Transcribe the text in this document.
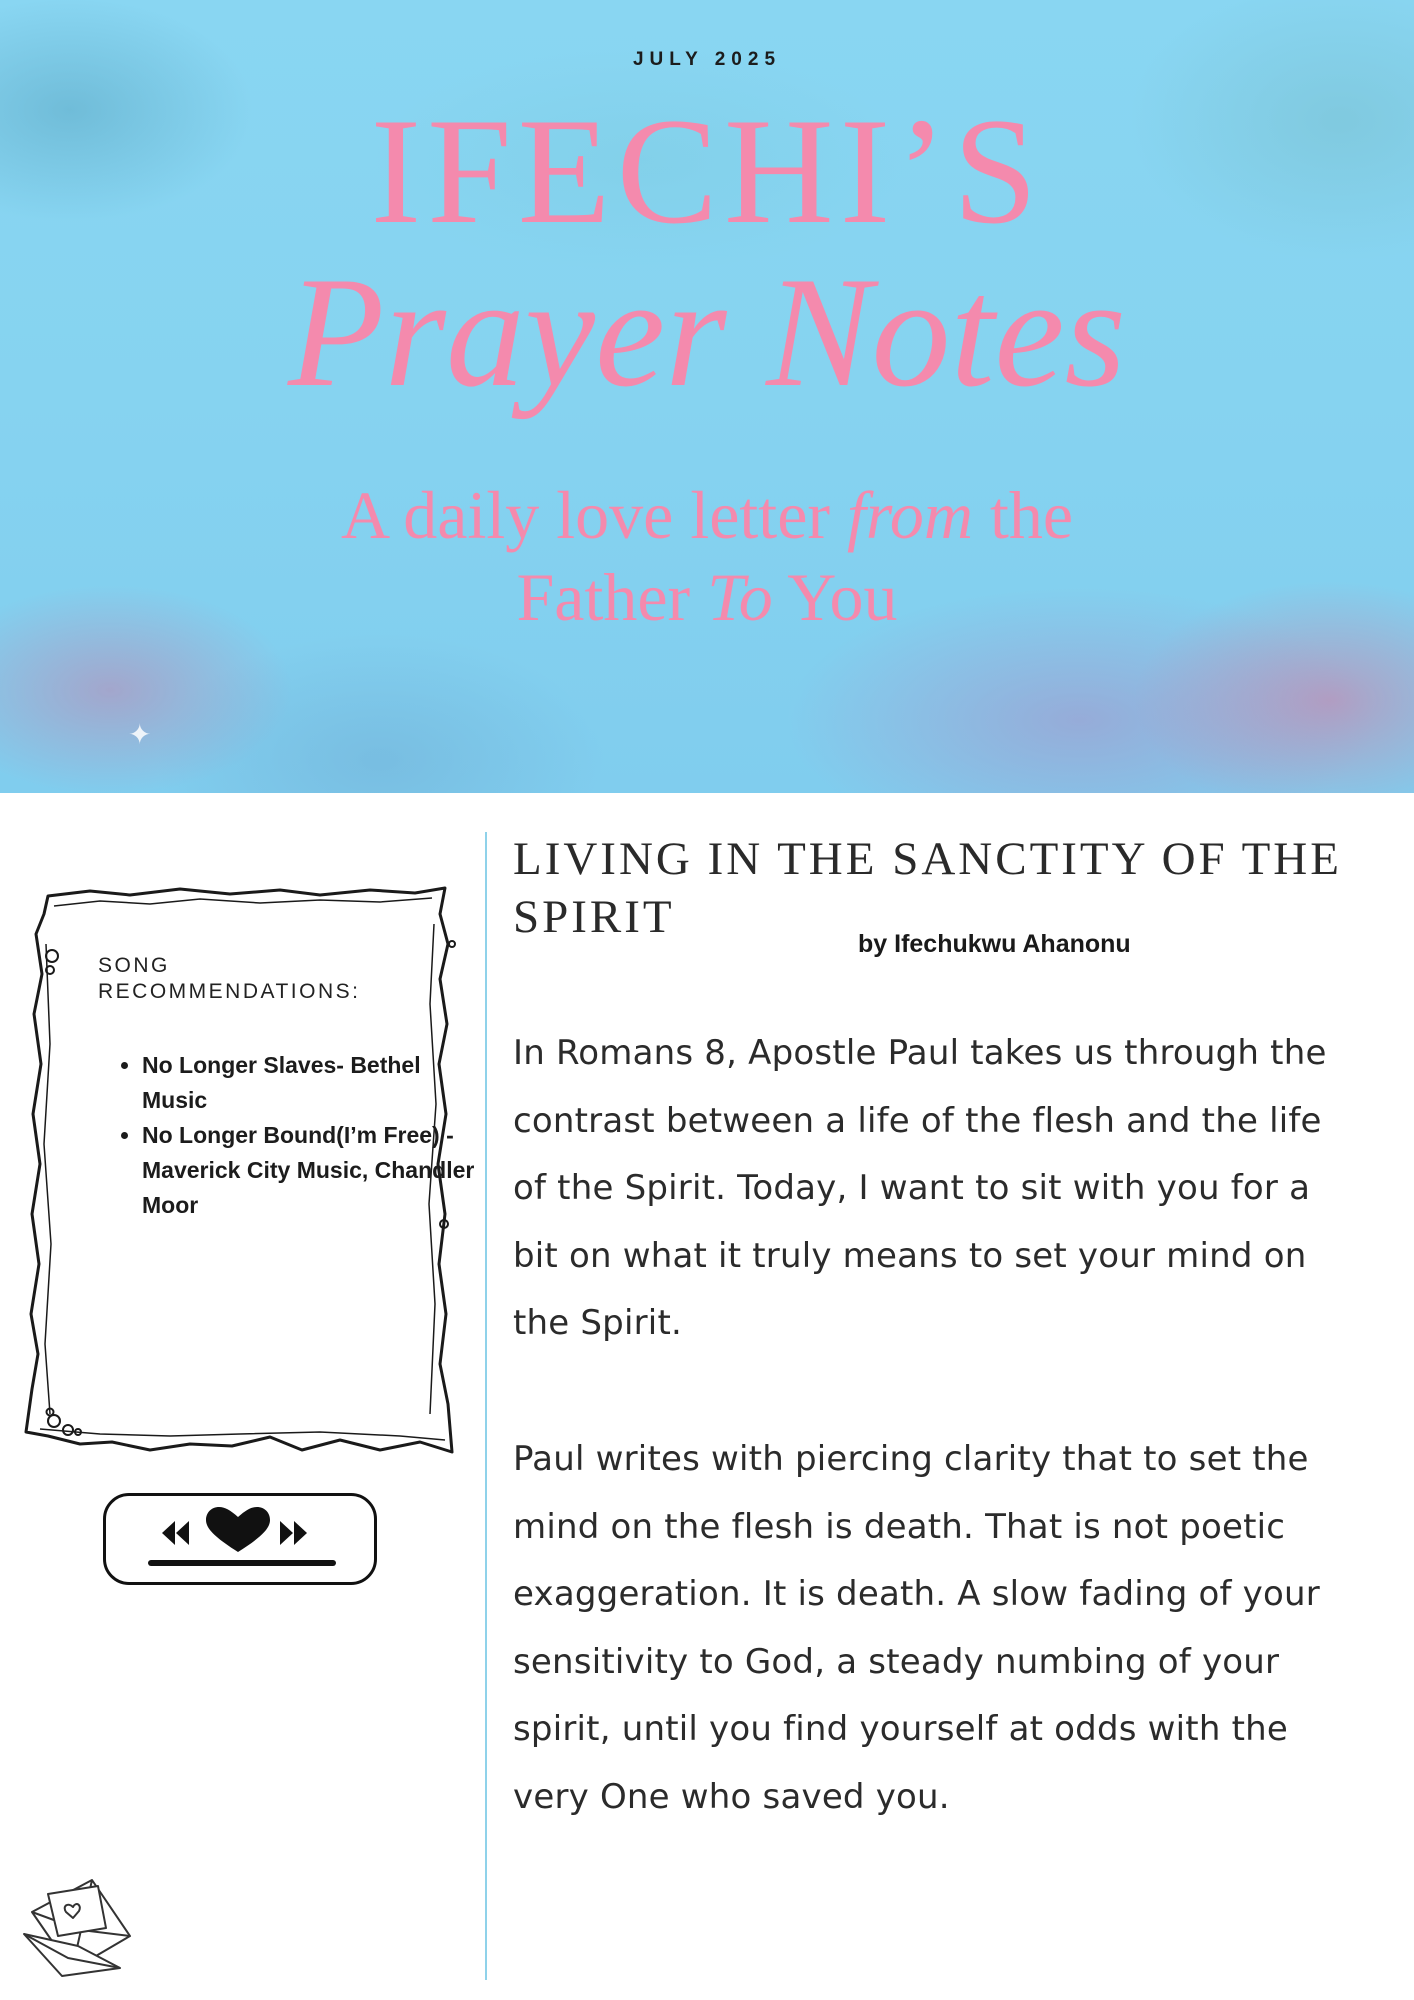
JULY 2025
IFECHI’S
Prayer Notes
A daily love letter from the
Father To You
✦
SONG RECOMMENDATIONS:
• No Longer Slaves- Bethel Music
• No Longer Bound(I’m Free) - Maverick City Music, Chandler Moor
LIVING IN THE SANCTITY OF THE SPIRIT
by Ifechukwu Ahanonu

In Romans 8, Apostle Paul takes us through the contrast between a life of the flesh and the life of the Spirit. Today, I want to sit with you for a bit on what it truly means to set your mind on the Spirit.

Paul writes with piercing clarity that to set the mind on the flesh is death. That is not poetic exaggeration. It is death. A slow fading of your sensitivity to God, a steady numbing of your spirit, until you find yourself at odds with the very One who saved you.
